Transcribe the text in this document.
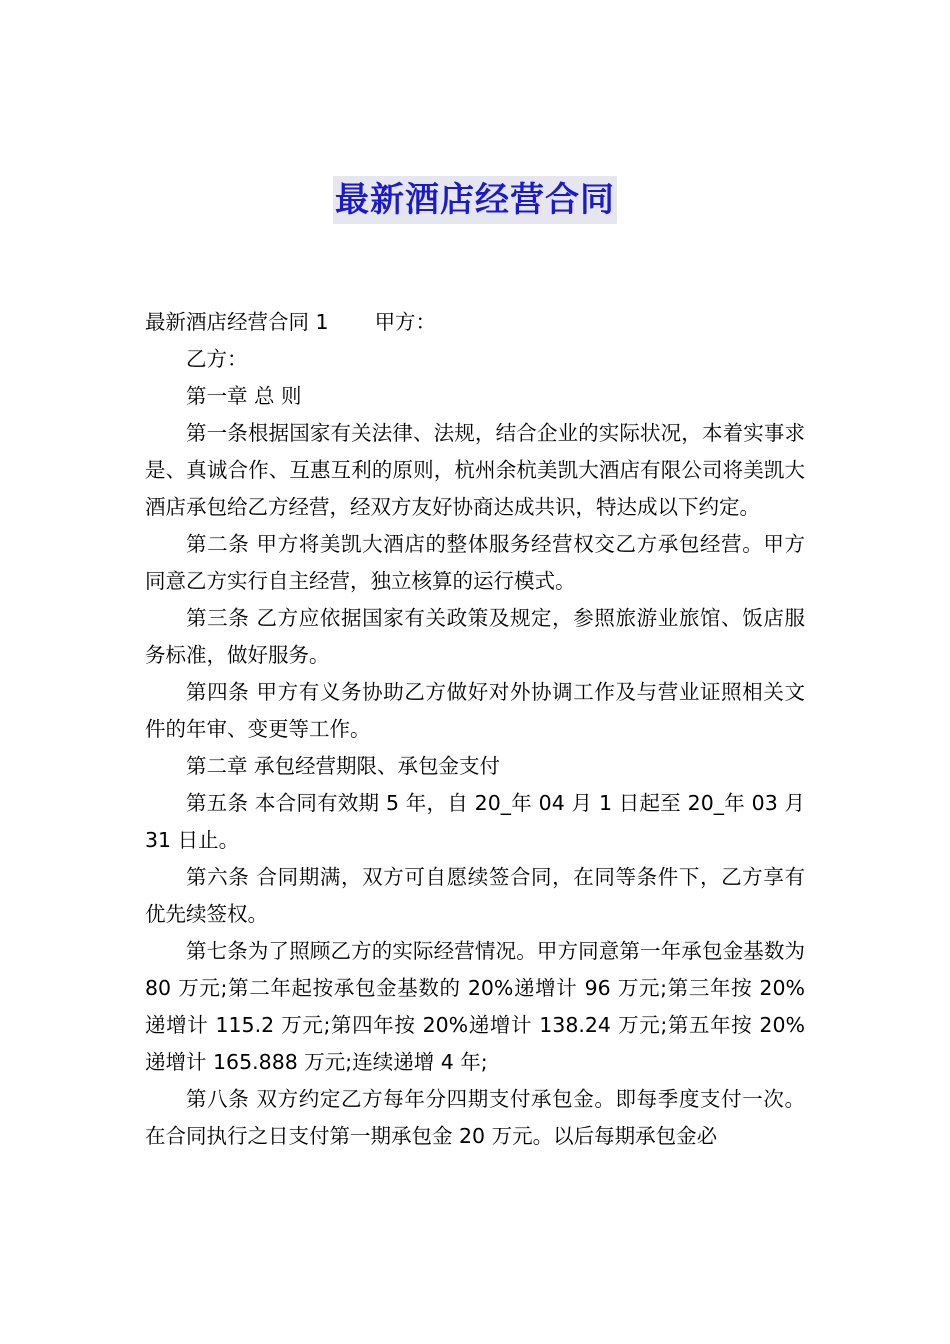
最新酒店经营合同

最新酒店经营合同 1 甲方：

乙方：

第一章 总 则

第一条根据国家有关法律、法规，结合企业的实际状况，本着实事求是、真诚合作、互惠互利的原则，杭州余杭美凯大酒店有限公司将美凯大酒店承包给乙方经营，经双方友好协商达成共识，特达成以下约定。

第二条 甲方将美凯大酒店的整体服务经营权交乙方承包经营。甲方同意乙方实行自主经营，独立核算的运行模式。

第三条 乙方应依据国家有关政策及规定，参照旅游业旅馆、饭店服务标准，做好服务。

第四条 甲方有义务协助乙方做好对外协调工作及与营业证照相关文件的年审、变更等工作。

第二章 承包经营期限、承包金支付

第五条 本合同有效期 5 年，自 20_年 04 月 1 日起至 20_年 03 月 31 日止。

第六条 合同期满，双方可自愿续签合同，在同等条件下，乙方享有优先续签权。

第七条为了照顾乙方的实际经营情况。甲方同意第一年承包金基数为 80 万元;第二年起按承包金基数的 20%递增计 96 万元;第三年按 20%递增计 115.2 万元;第四年按 20%递增计 138.24 万元;第五年按 20%递增计 165.888 万元;连续递增 4 年;

第八条 双方约定乙方每年分四期支付承包金。即每季度支付一次。在合同执行之日支付第一期承包金 20 万元。以后每期承包金必
